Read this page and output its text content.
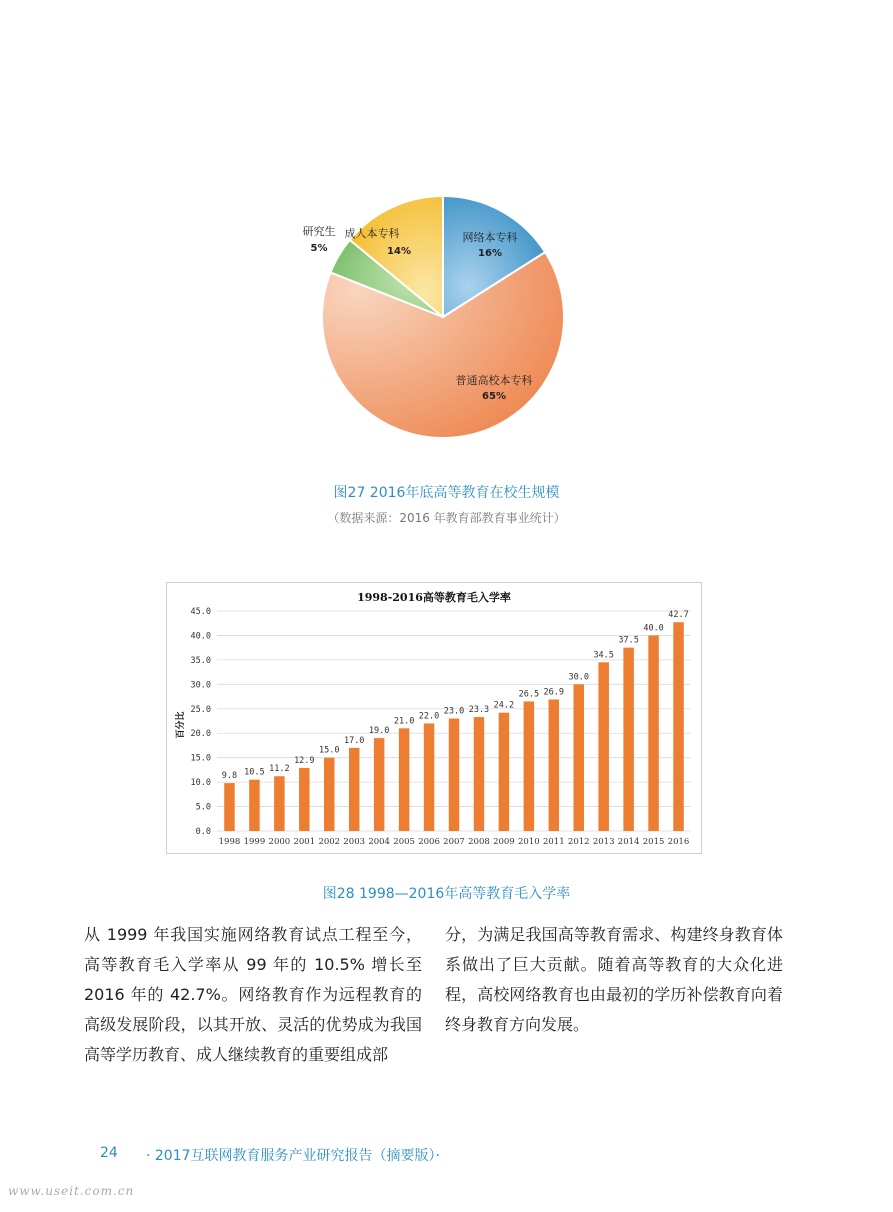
网络本专科
16%
普通高校本专科
65%
研究生
5%
成人本专科
14%
图27 2016年底高等教育在校生规模
（数据来源：2016 年教育部教育事业统计）
1998-2016高等教育毛入学率
0.0
5.0
10.0
15.0
20.0
25.0
30.0
35.0
40.0
45.0
9.8 10.5 11.2
12.9
15.0
17.0
19.0
21.0 22.0 23.0 23.3 24.2
26.5 26.9
30.0
34.5
37.5
40.0
42.7
1998 1999 2000 2001 2002 2003 2004 2005 2006 2007 2008 2009 2010 2011 2012 2013 2014 2015 2016
百分比
图28 1998—2016年高等教育毛入学率

从 1999 年我国实施网络教育试点工程至今，高等教育毛入学率从 99 年的 10.5% 增长至 2016 年的 42.7%。网络教育作为远程教育的高级发展阶段，以其开放、灵活的优势成为我国高等学历教育、成人继续教育的重要组成部

分，为满足我国高等教育需求、构建终身教育体系做出了巨大贡献。随着高等教育的大众化进程，高校网络教育也由最初的学历补偿教育向着终身教育方向发展。

24 · 2017互联网教育服务产业研究报告（摘要版）·
www.useit.com.cn
